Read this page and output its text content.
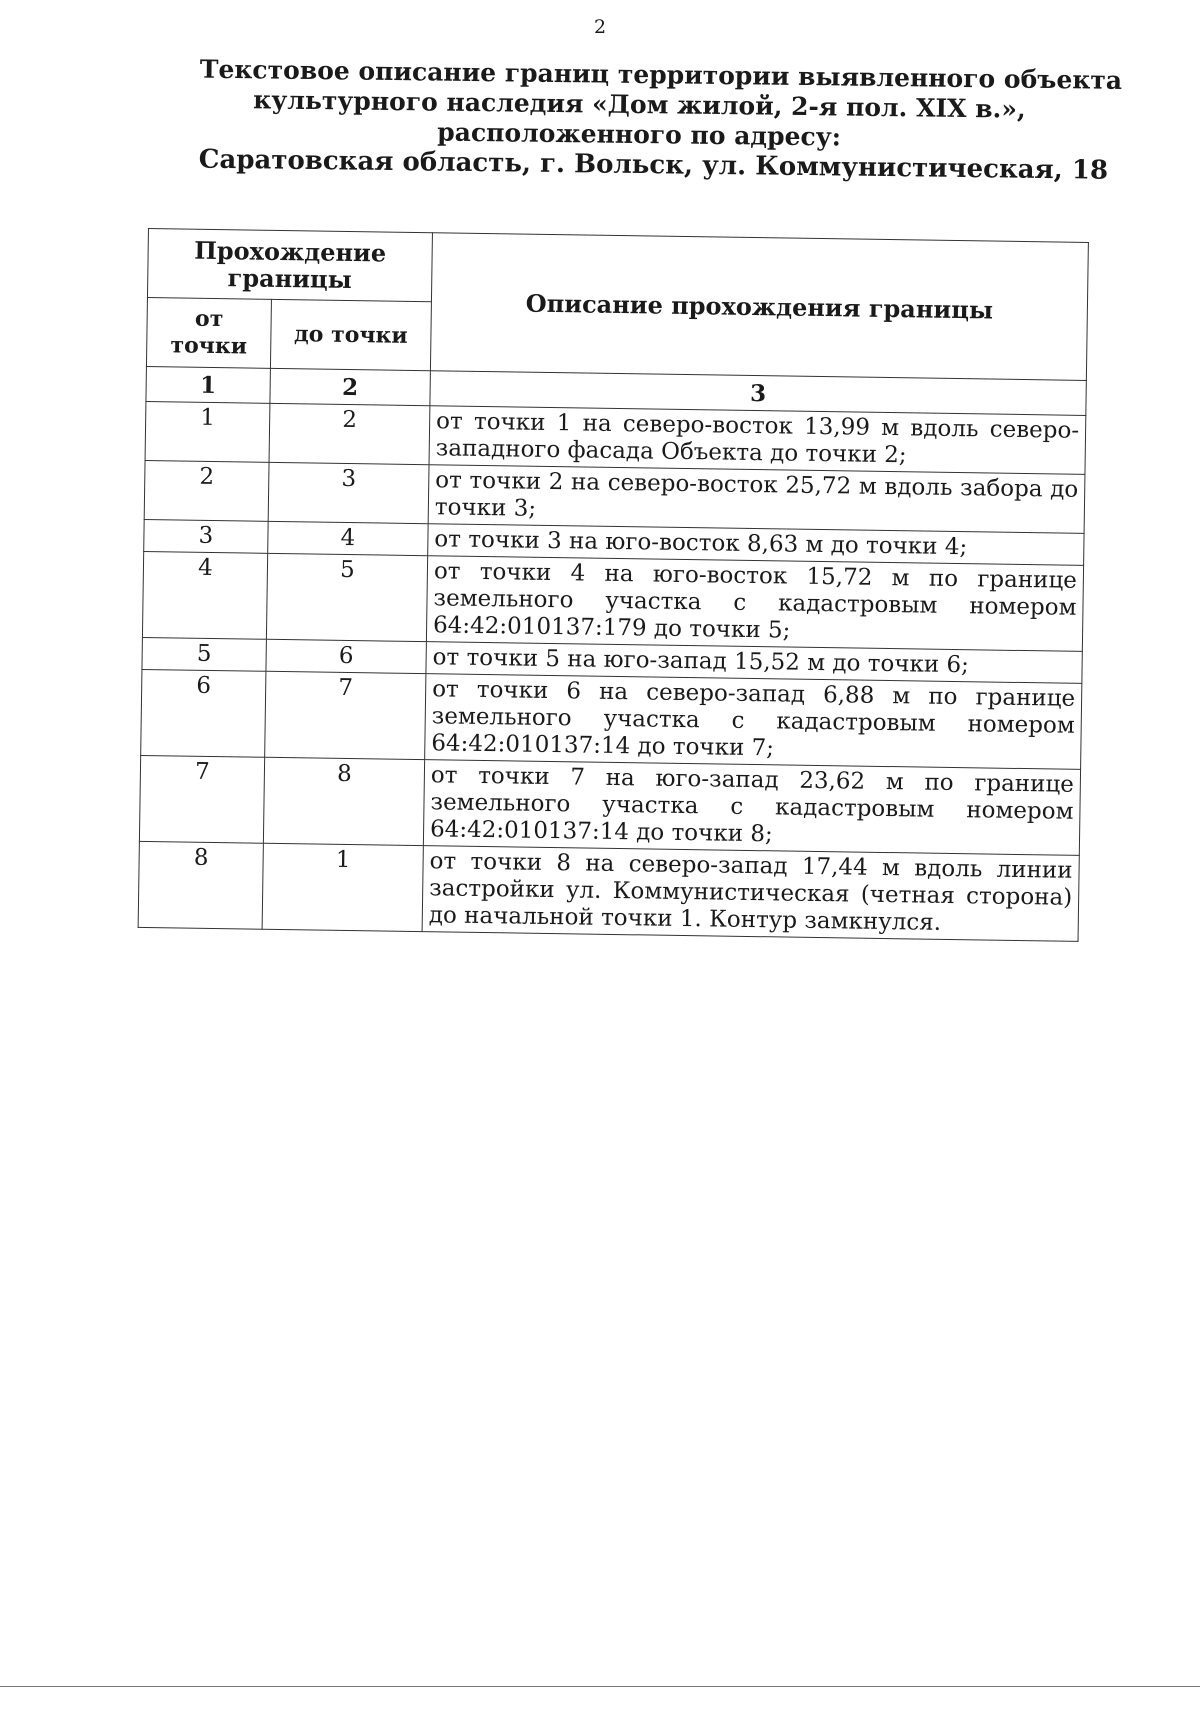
2
Текстовое описание границ территории выявленного объекта
культурного наследия «Дом жилой, 2-я пол. XIX в.»,
расположенного по адресу:
Саратовская область, г. Вольск, ул. Коммунистическая, 18
Прохождение границы		Описание прохождения границы
от точки	до точки	
1	2	3
1	2	от точки 1 на северо-восток 13,99 м вдоль северо-западного фасада Объекта до точки 2;
2	3	от точки 2 на северо-восток 25,72 м вдоль забора до точки 3;
3	4	от точки 3 на юго-восток 8,63 м до точки 4;
4	5	от точки 4 на юго-восток 15,72 м по границе земельного участка с кадастровым номером 64:42:010137:179 до точки 5;
5	6	от точки 5 на юго-запад 15,52 м до точки 6;
6	7	от точки 6 на северо-запад 6,88 м по границе земельного участка с кадастровым номером 64:42:010137:14 до точки 7;
7	8	от точки 7 на юго-запад 23,62 м по границе земельного участка с кадастровым номером 64:42:010137:14 до точки 8;
8	1	от точки 8 на северо-запад 17,44 м вдоль линии застройки ул. Коммунистическая (четная сторона) до начальной точки 1. Контур замкнулся.
